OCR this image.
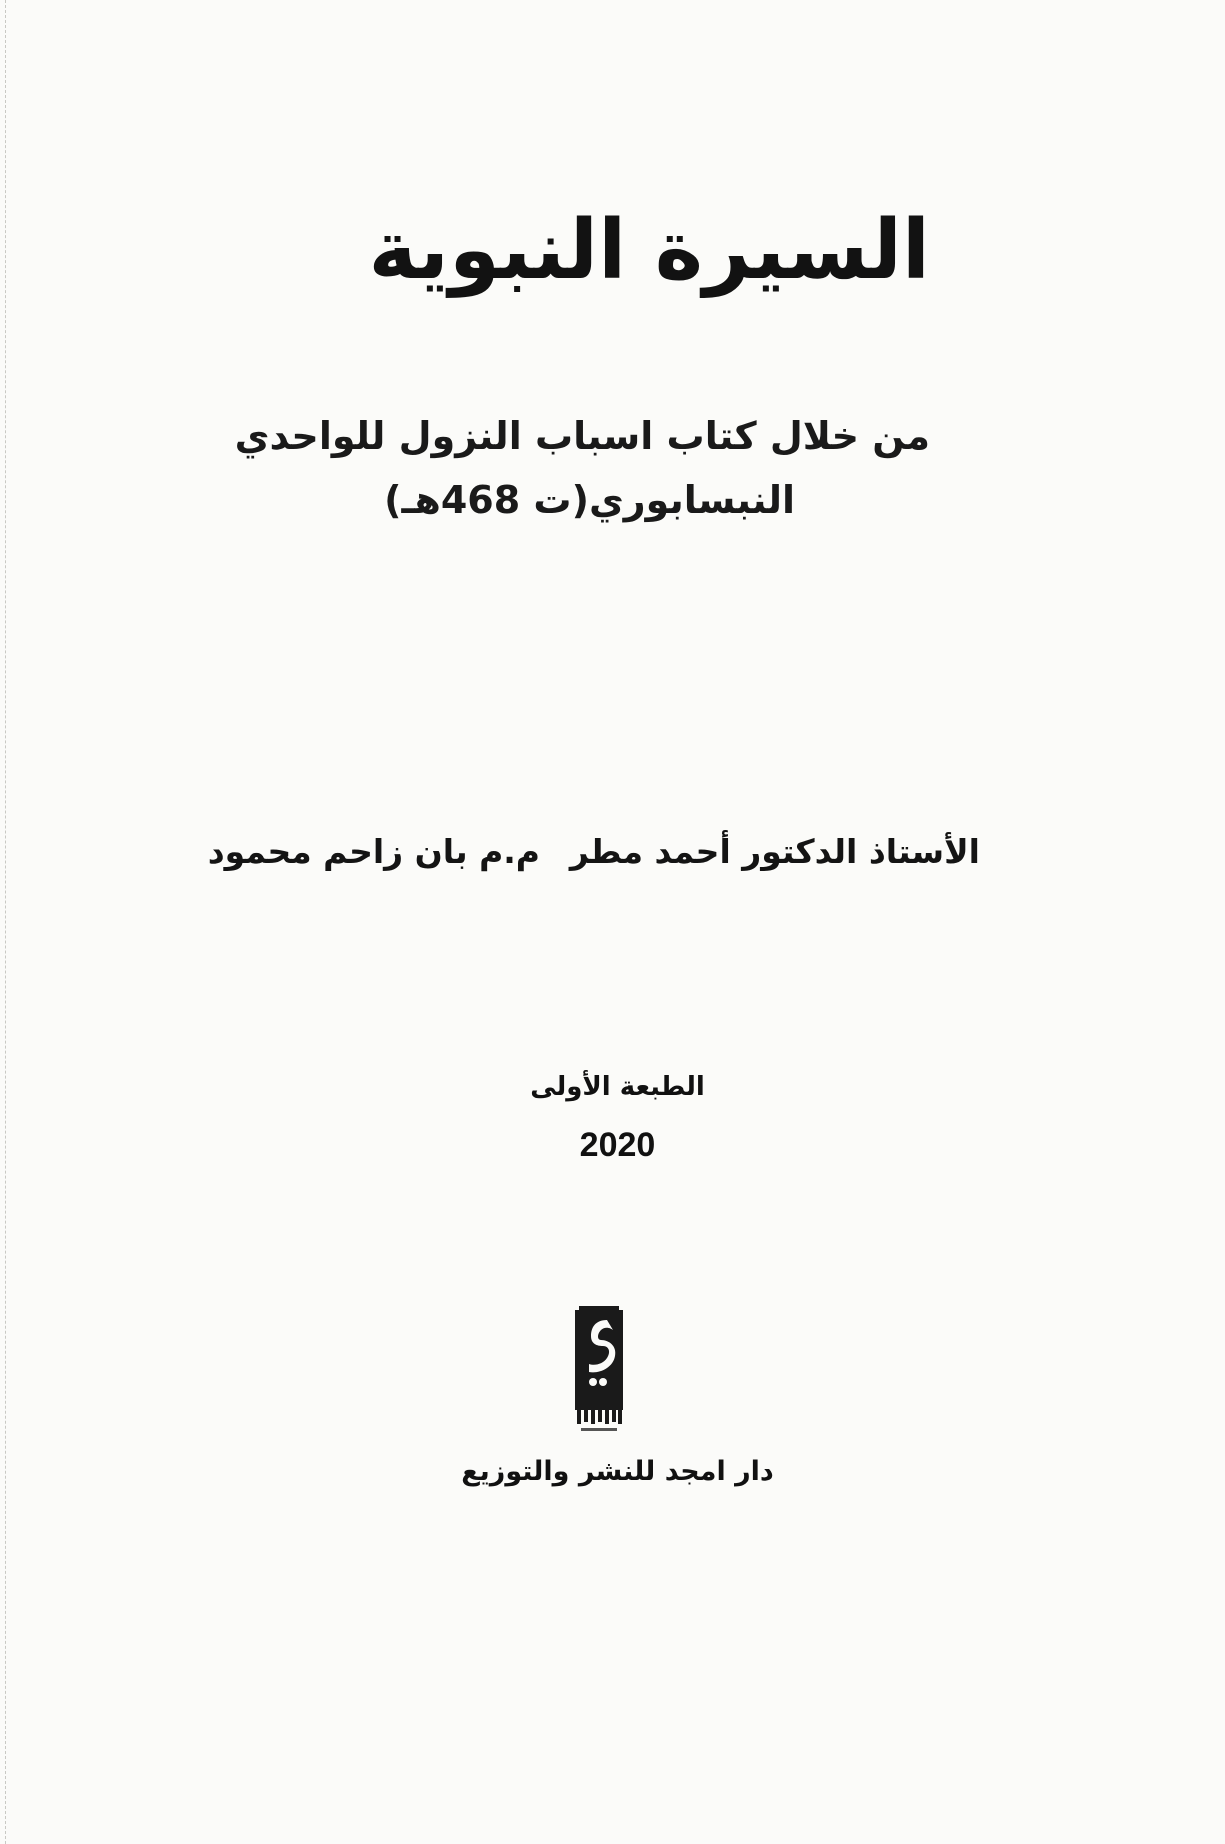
السيرة النبوية
من خلال كتاب اسباب النزول للواحدي
النبسابوري(ت 468هـ)
الأستاذ الدكتور أحمد مطر
م.م بان زاحم محمود
الطبعة الأولى
2020
دار امجد للنشر والتوزيع
